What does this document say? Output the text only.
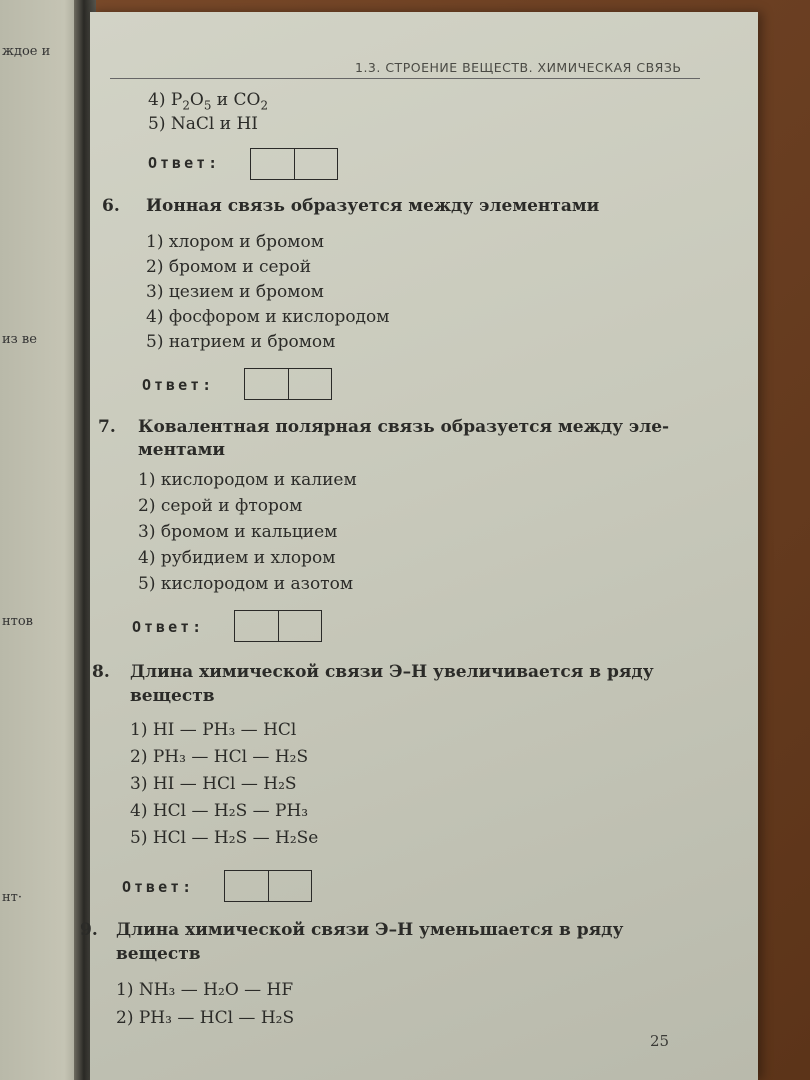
ждое и
из ве
нтов
нт·
1.3. СТРОЕНИЕ ВЕЩЕСТВ. ХИМИЧЕСКАЯ СВЯЗЬ
4) $P_2O_5$ и $CO_2$
5) NaCl и HI
Ответ:
6. Ионная связь образуется между элементами
1) хлором и бромом
2) бромом и серой
3) цезием и бромом
4) фосфором и кислородом
5) натрием и бромом
Ответ:
7. Ковалентная полярная связь образуется между эле-
ментами
1) кислородом и калием
2) серой и фтором
3) бромом и кальцием
4) рубидием и хлором
5) кислородом и азотом
Ответ:
8. Длина химической связи Э–Н увеличивается в ряду
веществ
1) HI — PH₃ — HCl
2) PH₃ — HCl — H₂S
3) HI — HCl — H₂S
4) HCl — H₂S — PH₃
5) HCl — H₂S — H₂Se
Ответ:
9. Длина химической связи Э–Н уменьшается в ряду
веществ
1) NH₃ — H₂O — HF
2) PH₃ — HCl — H₂S
25
